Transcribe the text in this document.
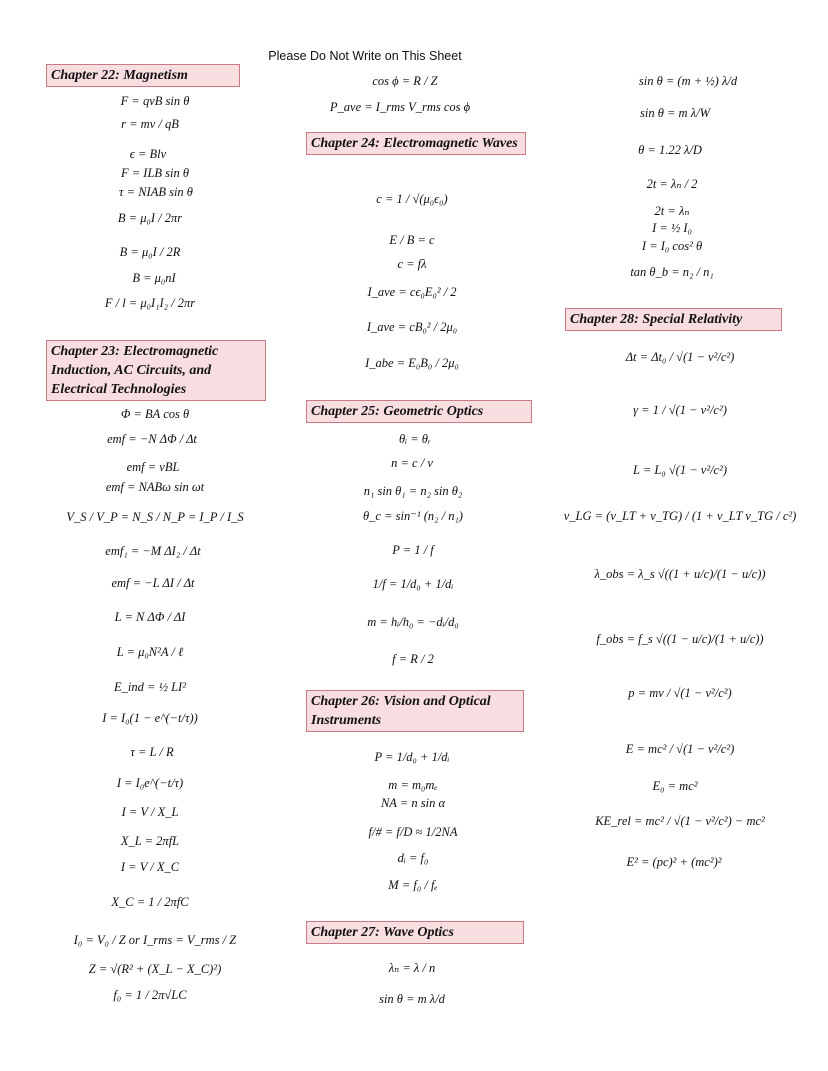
Please Do Not Write on This Sheet
Chapter 22: Magnetism
Chapter 23: Electromagnetic Induction, AC Circuits, and Electrical Technologies
F = qvB sin θ
r = mv / qB
ϵ = Blv
F = ILB sin θ
τ = NIAB sin θ
B = μ₀I / 2πr
B = μ₀I / 2R
B = μ₀nI
F / l = μ₀I₁I₂ / 2πr
Φ = BA cos θ
emf = −N ΔΦ / Δt
emf = vBL
emf = NABω sin ωt
V_S / V_P = N_S / N_P = I_P / I_S
emf₁ = −M ΔI₂ / Δt
emf = −L ΔI / Δt
L = N ΔΦ / ΔI
L = μ₀N²A / ℓ
E_ind = ½ LI²
I = I₀(1 − e^(−t/τ))
τ = L / R
I = I₀e^(−t/τ)
I = V / X_L
X_L = 2πfL
I = V / X_C
X_C = 1 / 2πfC
I₀ = V₀ / Z or I_rms = V_rms / Z
Z = √(R² + (X_L − X_C)²)
f₀ = 1 / 2π√LC
cos ϕ = R / Z
P_ave = I_rms V_rms cos ϕ
Chapter 24: Electromagnetic Waves
c = 1 / √(μ₀ϵ₀)
E / B = c
c = fλ
I_ave = cϵ₀E₀² / 2
I_ave = cB₀² / 2μ₀
I_abe = E₀B₀ / 2μ₀
Chapter 25: Geometric Optics
θᵢ = θᵣ
n = c / v
n₁ sin θ₁ = n₂ sin θ₂
θ_c = sin⁻¹ (n₂ / n₁)
P = 1 / f
1/f = 1/d₀ + 1/dᵢ
m = hᵢ/h₀ = −dᵢ/d₀
f = R / 2
Chapter 26: Vision and Optical Instruments
P = 1/d₀ + 1/dᵢ
m = m₀mₑ
NA = n sin α
f/# = f/D ≈ 1/2NA
dᵢ = f₀
M = f₀ / fₑ
Chapter 27: Wave Optics
λₙ = λ / n
sin θ = m λ/d
sin θ = (m + ½) λ/d
sin θ = m λ/W
θ = 1.22 λ/D
2t = λₙ / 2
2t = λₙ
I = ½ I₀
I = I₀ cos² θ
tan θ_b = n₂ / n₁
Chapter 28: Special Relativity
Δt = Δt₀ / √(1 − v²/c²)
γ = 1 / √(1 − v²/c²)
L = L₀ √(1 − v²/c²)
v_LG = (v_LT + v_TG) / (1 + v_LT v_TG / c²)
λ_obs = λ_s √((1 + u/c)/(1 − u/c))
f_obs = f_s √((1 − u/c)/(1 + u/c))
p = mv / √(1 − v²/c²)
E = mc² / √(1 − v²/c²)
E₀ = mc²
KE_rel = mc² / √(1 − v²/c²) − mc²
E² = (pc)² + (mc²)²
